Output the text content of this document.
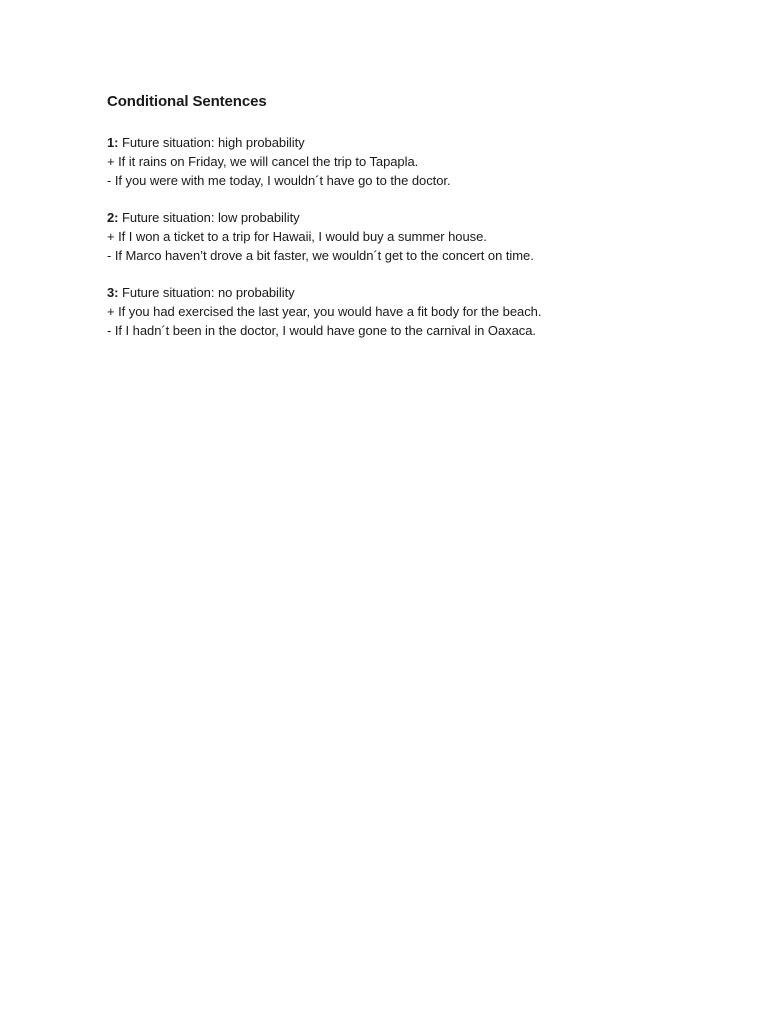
Conditional Sentences
1: Future situation: high probability
+ If it rains on Friday, we will cancel the trip to Tapapla.
- If you were with me today, I wouldn´t have go to the doctor.
2: Future situation: low probability
+ If I won a ticket to a trip for Hawaii, I would buy a summer house.
- If Marco haven’t drove a bit faster, we wouldn´t get to the concert on time.
3: Future situation: no probability
+ If you had exercised the last year, you would have a fit body for the beach.
- If I hadn´t been in the doctor, I would have gone to the carnival in Oaxaca.
